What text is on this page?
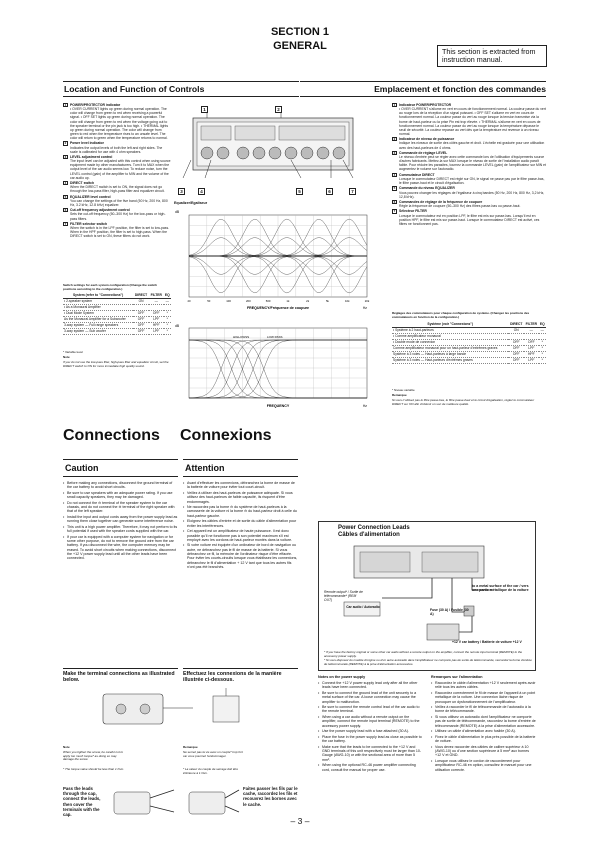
SECTION 1
GENERAL	This section is extracted from instruction manual.
Location and Function of Controls	Emplacement et fonction des commandes
1 POWER/PROTECTOR indicator
• OVER CURRENT lights up green during normal operation. The color will change from green to red when receiving a powerful signal. • OFF SET lights up green during normal operation. The color will change from green to red when the voltage going out to the speaker terminal or the pin jack is too high. • THERMAL lights up green during normal operation. The color will change from green to red when the temperature rises to an unsafe level. The color will return to green when the temperature returns to normal.
2 Power level indicator
Indicates the output levels of both the left and right sides. The scale is calibrated for use with 4 ohm speakers.
3 LEVEL adjustment control
The input level can be adjusted with this control when using source equipment made by other manufacturers. Turn it to MAX when the output level of the car audio seems low. To reduce noise, turn the LEVEL control (gain) of the amplifier to MIN and the volume of the car audio up.
4 DIRECT switch
When the DIRECT switch is set to ON, the signal does not go through the low-pass filter, high-pass filter and equalizer circuit.
5 EQUALIZER level control
You can change the settings of the five band (50 Hz, 200 Hz, 800 Hz, 3.2 kHz, 12.8 kHz) equalizer.
6 Cut-off frequency adjustment control
Sets the cut-off frequency (50–300 Hz) for the low-pass or high-pass filters.
7 FILTER selector switch
When the switch is in the LPF position, the filter is set to low-pass. When in the HPF position, the filter is set to high-pass. When the DIRECT switch is set to ON, these filters do not work.
Switch settings for each system configuration (Change the switch positions according to the configuration.)
System (refer to "Connections")	DIRECT	FILTER	EQ
• 2-speaker system	ON	—	—
• As a Monaural Amplifier			
• Dual Mode System	OFF	OFF	*
As the Monaural Amplifier for a Subwoofer	OFF	LPF	*
3-way system — Full range speakers	OFF	HPF	*
3-way system — Sub woofer	OFF	LPF	*
* Variable level
Note
If you do not use the low-pass filter, high-pass filter and equalizer circuit, set the DIRECT switch to ON for more immediate high quality sound.
1	2
3	4	5	6	7
dB
20	50	100	200	500	1k	2k	5k	10k	20k
FREQUENCY/Fréquence de coupure	Hz
Equalizer/Egaliseur
HIGH PASS	LOW PASS
dB
FREQUENCY	Hz
1 Indicateur POWER/PROTECTOR
• OVER CURRENT s'allume en vert en cours de fonctionnement normal. La couleur passe du vert au rouge lors de la réception d'un signal puissant. • OFF SET s'allume en vert en cours de fonctionnement normal. La couleur passe du vert au rouge lorsque la tension transmise via la borne de haut-parleur ou la prise Pin est trop élevée. • THERMAL s'allume en vert en cours de fonctionnement normal. La couleur passe du vert au rouge lorsque la température dépasse le seuil de sécurité. La couleur repasse au vert dès que la température est revenue à un niveau normal.
2 Indicateur de niveau de puissance
Indique les niveaux de sortie des côtés gauche et droit. L'échelle est graduée pour une utilisation avec des haut-parleurs de 4 ohms.
3 Commande de réglage LEVEL
Le niveau d'entrée peut se régler avec cette commande lors de l'utilisation d'équipements source d'autres fabricants. Mettez-la sur MAX lorsque le niveau de sortie de l'installation audio paraît faible. Pour réduire les parasites, tournez la commande LEVEL (gain) de l'amplificateur sur MIN et augmentez le volume sur l'autoradio.
4 Commutateur DIRECT
Lorsque le commutateur DIRECT est réglé sur ON, le signal ne passe pas par le filtre passe-bas, le filtre passe-haut et le circuit d'égalisation.
5 Commande du niveau EQUALIZER
Vous pouvez changer les réglages de l'égaliseur à cinq bandes (50 Hz, 200 Hz, 800 Hz, 3,2 kHz, 12,8 kHz).
6 Commandes de réglage de la fréquence de coupure
Règle la fréquence de coupure (50–300 Hz) des filtres passe-bas ou passe-haut.
7 Sélecteur FILTER
Lorsque le commutateur est en position LPF, le filtre est mis sur passe-bas. Lorsqu'il est en position HPF, le filtre est mis sur passe-haut. Lorsque le commutateur DIRECT est activé, ces filtres ne fonctionnent pas.
Réglages des commutateurs pour chaque configuration de système. (Changez les positions des commutateurs en fonction de la configuration.)
Système (voir "Connexions")	DIRECT	FILTER	EQ
• Système à 2 haut-parleurs	ON	—	—
• Comme amplificateur monaural			
• Double mode de connexion	OFF	OFF	*
Comme amplificateur monaural pour un haut-parleur d'extrêmes graves	OFF	LPF	*
Système à 3 voies — Haut-parleurs à large bande	OFF	HPF	*
Système à 3 voies — Haut-parleurs d'extrêmes graves	OFF	LPF	*
* Niveau variable
Remarque
Si vous n'utilisez pas le filtre passe-bas, le filtre passe-haut et le circuit d'égalisation, réglez le commutateur DIRECT sur ON afin d'obtenir un son de meilleure qualité.
Connections Connexions
Caution
• Before making any connections, disconnect the ground terminal of the car battery to avoid short circuits.
• Be sure to use speakers with an adequate power rating. If you use small capacity speakers, they may be damaged.
• Do not connect the ⊖ terminal of the speaker system to the car chassis, and do not connect the ⊖ terminal of the right speaker with that of the left speaker.
• Install the input and output cords away from the power supply lead as running them close together can generate some interference noise.
• This unit is a high power amplifier. Therefore, it may not perform to its full potential if used with the speaker cords supplied with the car.
• If your car is equipped with a computer system for navigation or for some other purpose, do not to remove the ground wire from the car battery. If you disconnect the wire, the computer memory may be erased. To avoid short circuits when making connections, disconnect the +12 V power supply lead until all the other leads have been connected.
Attention
• Avant d'effectuer les connexions, débranchez la borne de masse de la batterie de voiture pour éviter tout court-circuit.
• Veillez à utiliser des haut-parleurs de puissance adéquate. Si vous utilisez des haut-parleurs de faible capacité, ils risquent d'être endommagés.
• Ne raccordez pas la borne ⊖ du système de haut-parleurs à la carrosserie de la voiture ni la borne ⊖ du haut-parleur droit à celle du haut-parleur gauche.
• Eloignez les câbles d'entrée et de sortie du câble d'alimentation pour éviter les interférences.
• Cet appareil est un amplificateur de haute puissance. Il est donc possible qu'il ne fonctionne pas à son potentiel maximum s'il est employé avec les cordons de haut-parleur montés dans la voiture.
• Si votre voiture est équipée d'un ordinateur de bord de navigation ou autre, ne débranchez pas le fil de masse de la batterie. Si vous débranchez ce fil, la mémoire de l'ordinateur risque d'être effacée. Pour éviter les courts-circuits lorsque vous établissez les connexions, débranchez le fil d'alimentation + 12 V tant que tous les autres fils n'ont pas été branchés.
Make the terminal connections as illustrated below.
Effectuez les connexions de la manière illustrée ci-dessous.
Note
When you tighten the screw, be careful not to apply too much torque* as doing so may damage the screw.
* The torque value should be less than 1 N•m.
Remarque
Ne serrez pas la vis avec un couple* trop fort car vous pourriez l'endommager.
* La valeur du couple de serrage doit être inférieure à 1 N•m.
Pass the leads through the cap, connect the leads, then cover the terminals with the cap.
Faites passer les fils par le cache, raccordez les fils et recouvrez les bornes avec le cache.
Power Connection Leads
Câbles d'alimentation
to a metal surface of the car / vers une partie métallique de la voiture
Remote output* / Sortie de télécommande* (REM OUT)
Car audio / Autoradio
Fuse (30 A) / Fusible (30 A)
+12 V car battery / Batterie de voiture +12 V
* If you have the factory original or some other car audio without a remote output on the amplifier, connect the remote input terminal (REMOTE) to the accessory power supply.
* Si vous disposez du modèle d'origine ou d'un autre autoradio dans l'amplificateur ne comporte pas de sortie de télécommande, raccordez la borne d'entrée de télécommande (REMOTE) à la prise d'alimentation accessoires.
Notes on the power supply
• Connect the +12 V power supply lead only after all the other leads have been connected.
• Be sure to connect the ground lead of the unit securely to a metal surface of the car. A loose connection may cause the amplifier to malfunction.
• Be sure to connect the remote control lead of the car audio to the remote terminal.
• When using a car audio without a remote output on the amplifier, connect the remote input terminal (REMOTE) to the accessory power supply.
• Use the power supply lead with a fuse attached (30 A).
• Place the fuse in the power supply lead as close as possible to the car battery.
• Make sure that the leads to be connected to the +12 V and GND terminals of this unit respectively must be larger than 10-Gauge (AWG-10) or with the sectional area of more than 5 mm².
• When using the optional RC-46 power amplifier connecting cord, consult the manual for proper use.
Remarques sur l'alimentation
• Raccordez le câble d'alimentation +12 V seulement après avoir relié tous les autres câbles.
• Raccordez correctement le fil de masse de l'appareil à un point métallique de la voiture. Une connexion lâche risque de provoquer un dysfonctionnement de l'amplificateur.
• Veillez à raccorder le fil de télécommande de l'autoradio à la borne de télécommande.
• Si vous utilisez un autoradio dont l'amplificateur ne comporte pas de sortie de télécommande, raccordez la borne d'entrée de télécommande (REMOTE) à la prise d'alimentation accessoire.
• Utilisez un câble d'alimentation avec fusible (30 A).
• Fixez le câble d'alimentation le plus près possible de la batterie de voiture.
• Vous devez raccorder des câbles de calibre supérieur à 10 (AWG-10) ou d'une section supérieure à 5 mm² aux bornes +12 V et GND.
• Lorsque vous utilisez le cordon de raccordement pour amplificateur RC-46 en option, consultez le manuel pour une utilisation correcte.
– 3 –
